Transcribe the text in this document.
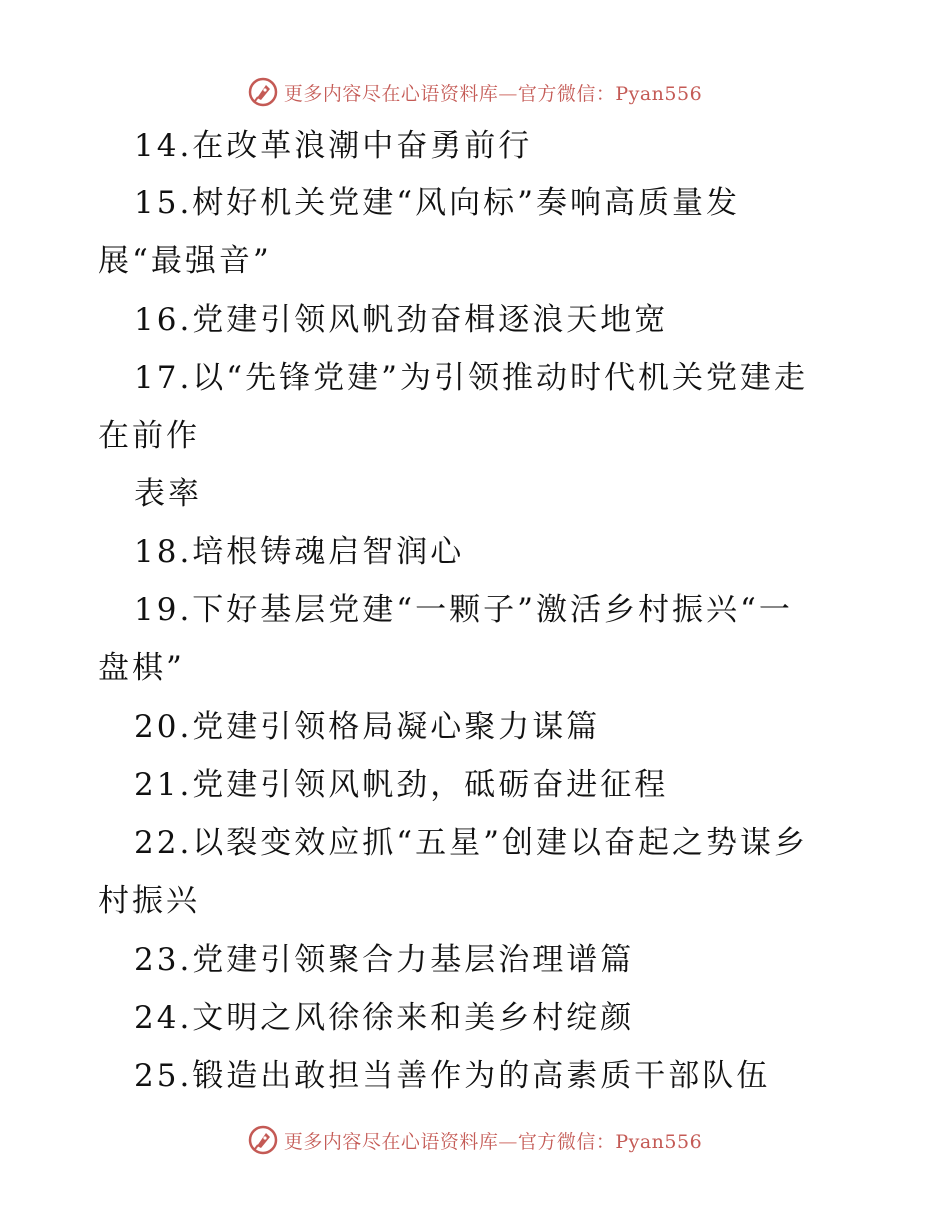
更多内容尽在心语资料库—官方微信：Pyan556
14.在改革浪潮中奋勇前行
15.树好机关党建“风向标”奏响高质量发
展“最强音”
16.党建引领风帆劲奋楫逐浪天地宽
17.以“先锋党建”为引领推动时代机关党建走
在前作
表率
18.培根铸魂启智润心
19.下好基层党建“一颗子”激活乡村振兴“一
盘棋”
20.党建引领格局凝心聚力谋篇
21.党建引领风帆劲，砥砺奋进征程
22.以裂变效应抓“五星”创建以奋起之势谋乡
村振兴
23.党建引领聚合力基层治理谱篇
24.文明之风徐徐来和美乡村绽颜
25.锻造出敢担当善作为的高素质干部队伍
更多内容尽在心语资料库—官方微信：Pyan556
